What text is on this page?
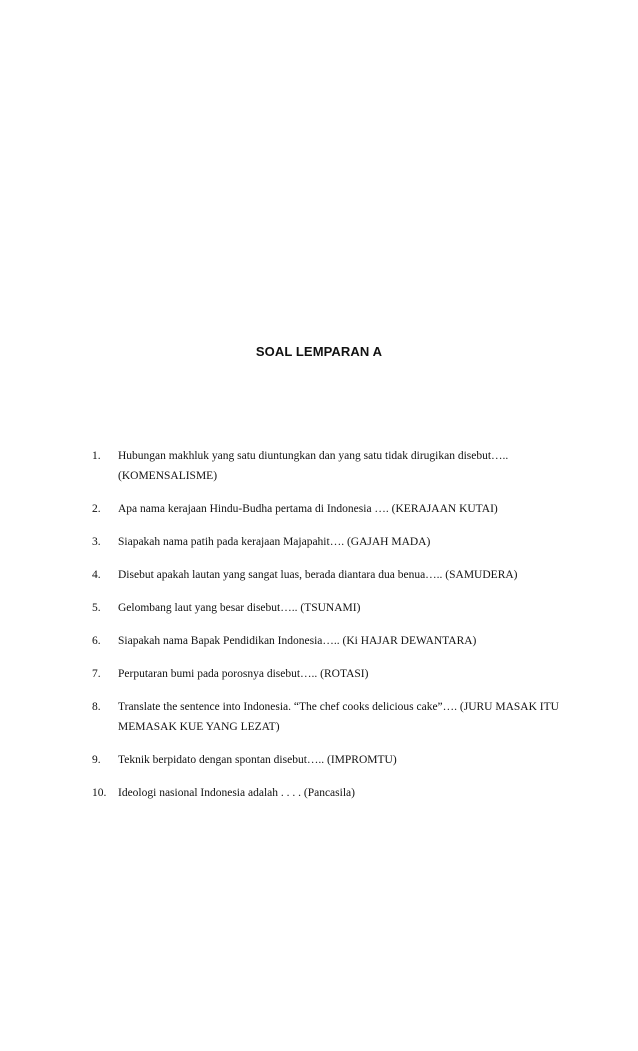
SOAL LEMPARAN A
1.	Hubungan makhluk yang satu diuntungkan dan yang satu tidak dirugikan disebut….. (KOMENSALISME)
2.	Apa nama kerajaan Hindu-Budha pertama di Indonesia …. (KERAJAAN KUTAI)
3.	Siapakah nama patih pada kerajaan Majapahit…. (GAJAH MADA)
4.	Disebut apakah lautan yang sangat luas, berada diantara dua benua….. (SAMUDERA)
5.	Gelombang laut yang besar disebut….. (TSUNAMI)
6.	Siapakah nama Bapak Pendidikan Indonesia….. (Ki HAJAR DEWANTARA)
7.	Perputaran bumi pada porosnya disebut….. (ROTASI)
8.	Translate the sentence into Indonesia. “The chef cooks delicious cake”…. (JURU MASAK ITU MEMASAK KUE YANG LEZAT)
9.	Teknik berpidato dengan spontan disebut….. (IMPROMTU)
10.	Ideologi nasional Indonesia adalah . . . . (Pancasila)
